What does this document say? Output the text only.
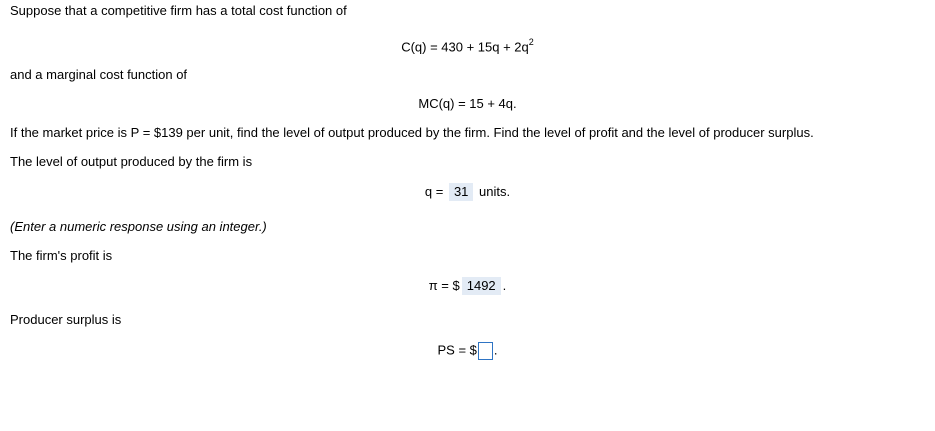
Suppose that a competitive firm has a total cost function of
$C(q) = 430 + 15q + 2q^2$
and a marginal cost function of
MC(q) = 15 + 4q.
If the market price is P = $139 per unit, find the level of output produced by the firm. Find the level of profit and the level of producer surplus.
The level of output produced by the firm is
q = 31 units.
(Enter a numeric response using an integer.)
The firm's profit is
π = $ 1492 .
Producer surplus is
PS = $ .
